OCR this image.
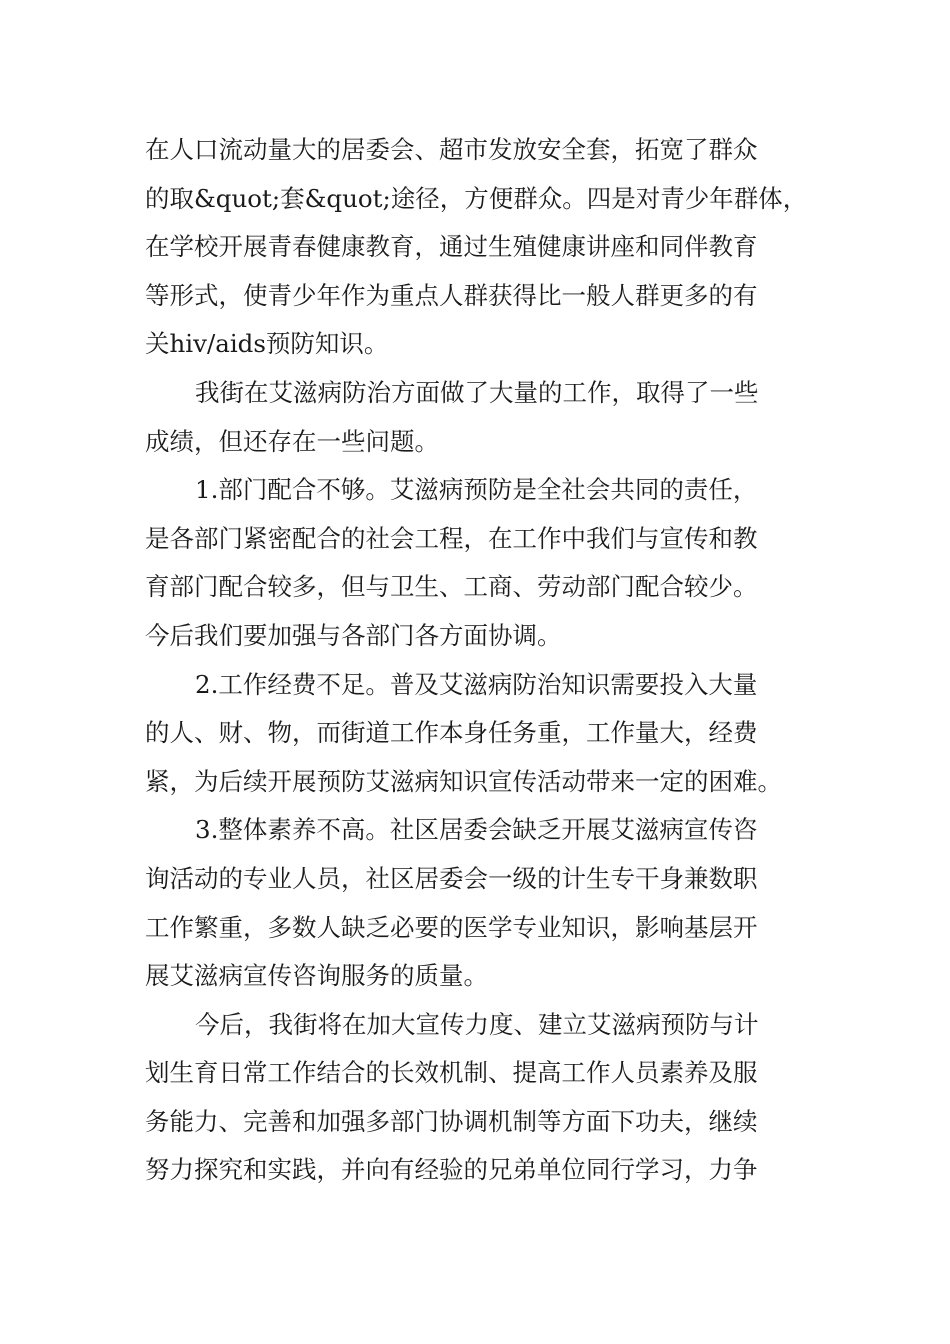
在人口流动量大的居委会、超市发放安全套，拓宽了群众
的取&quot;套&quot;途径，方便群众。四是对青少年群体，
在学校开展青春健康教育，通过生殖健康讲座和同伴教育
等形式，使青少年作为重点人群获得比一般人群更多的有
关hiv/aids预防知识。
我街在艾滋病防治方面做了大量的工作，取得了一些
成绩，但还存在一些问题。
1.部门配合不够。艾滋病预防是全社会共同的责任，
是各部门紧密配合的社会工程，在工作中我们与宣传和教
育部门配合较多，但与卫生、工商、劳动部门配合较少。
今后我们要加强与各部门各方面协调。
2.工作经费不足。普及艾滋病防治知识需要投入大量
的人、财、物，而街道工作本身任务重，工作量大，经费
紧，为后续开展预防艾滋病知识宣传活动带来一定的困难。
3.整体素养不高。社区居委会缺乏开展艾滋病宣传咨
询活动的专业人员，社区居委会一级的计生专干身兼数职
工作繁重，多数人缺乏必要的医学专业知识，影响基层开
展艾滋病宣传咨询服务的质量。
今后，我街将在加大宣传力度、建立艾滋病预防与计
划生育日常工作结合的长效机制、提高工作人员素养及服
务能力、完善和加强多部门协调机制等方面下功夫，继续
努力探究和实践，并向有经验的兄弟单位同行学习，力争
